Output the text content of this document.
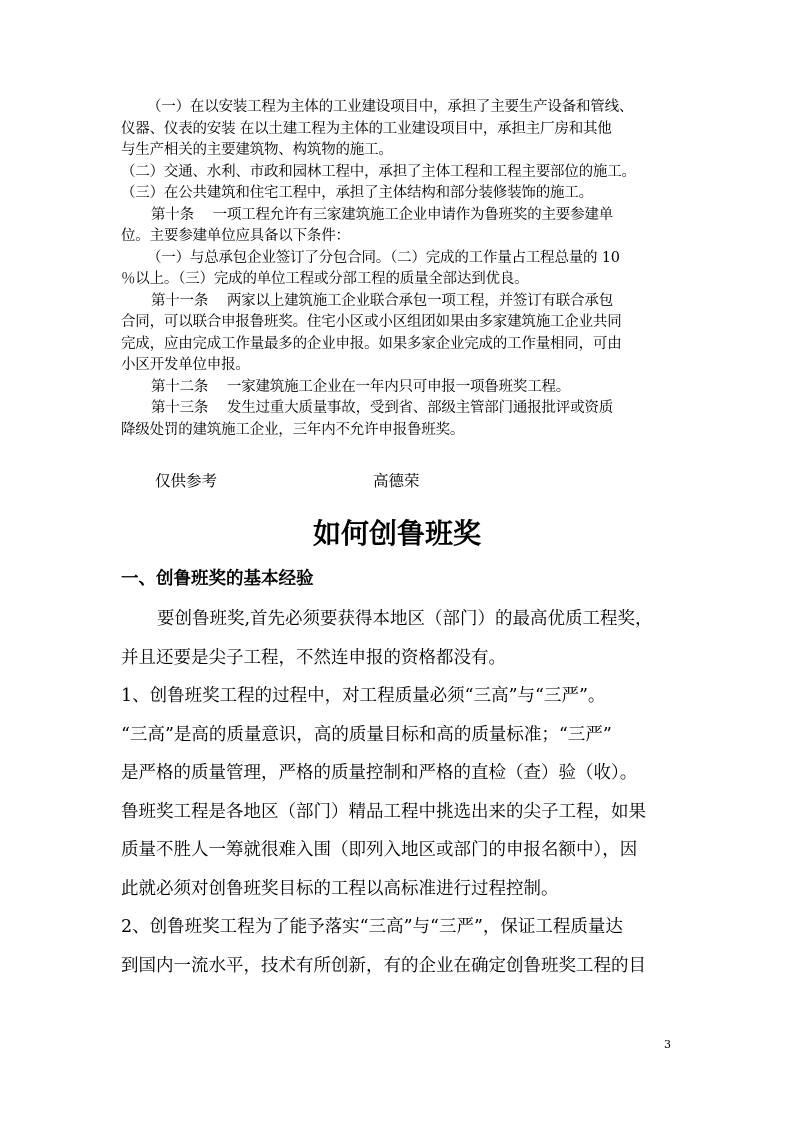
（一）在以安装工程为主体的工业建设项目中，承担了主要生产设备和管线、

仪器、仪表的安装 在以土建工程为主体的工业建设项目中，承担主厂房和其他

与生产相关的主要建筑物、构筑物的施工。

（二）交通、水利、市政和园林工程中，承担了主体工程和工程主要部位的施工。

（三）在公共建筑和住宅工程中，承担了主体结构和部分装修装饰的施工。

第十条　 一项工程允许有三家建筑施工企业申请作为鲁班奖的主要参建单

位。主要参建单位应具备以下条件：

（一）与总承包企业签订了分包合同。（二）完成的工作量占工程总量的 10

％以上。（三）完成的单位工程或分部工程的质量全部达到优良。

第十一条　 两家以上建筑施工企业联合承包一项工程，并签订有联合承包

合同，可以联合申报鲁班奖。住宅小区或小区组团如果由多家建筑施工企业共同

完成，应由完成工作量最多的企业申报。如果多家企业完成的工作量相同，可由

小区开发单位申报。

第十二条　 一家建筑施工企业在一年内只可申报一项鲁班奖工程。

第十三条　 发生过重大质量事故，受到省、部级主管部门通报批评或资质

降级处罚的建筑施工企业，三年内不允许申报鲁班奖。

仅供参考	高德荣
如何创鲁班奖
一、创鲁班奖的基本经验

要创鲁班奖,首先必须要获得本地区（部门）的最高优质工程奖，

并且还要是尖子工程，不然连申报的资格都没有。

1、创鲁班奖工程的过程中，对工程质量必须“三高”与“三严”。

“三高”是高的质量意识，高的质量目标和高的质量标准；“三严”

是严格的质量管理，严格的质量控制和严格的直检（查）验（收）。

鲁班奖工程是各地区（部门）精品工程中挑选出来的尖子工程，如果

质量不胜人一筹就很难入围（即列入地区或部门的申报名额中），因

此就必须对创鲁班奖目标的工程以高标准进行过程控制。

2、创鲁班奖工程为了能予落实“三高”与“三严”，保证工程质量达

到国内一流水平，技术有所创新，有的企业在确定创鲁班奖工程的目

3
